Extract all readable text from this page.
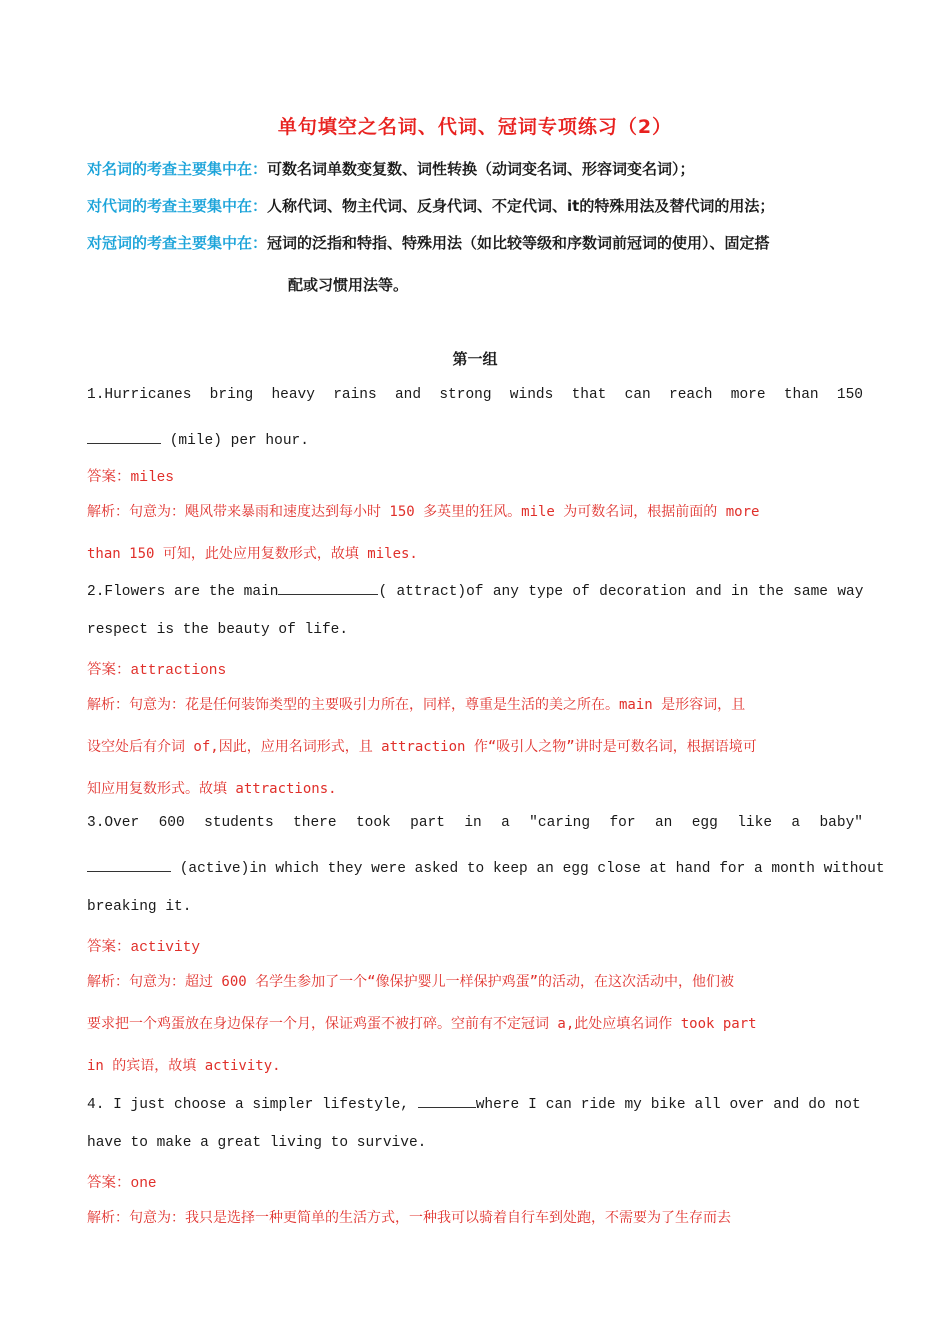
单句填空之名词、代词、冠词专项练习（2）
对名词的考查主要集中在：可数名词单数变复数、词性转换（动词变名词、形容词变名词）；
对代词的考查主要集中在：人称代词、物主代词、反身代词、不定代词、it的特殊用法及替代词的用法；
对冠词的考查主要集中在：冠词的泛指和特指、特殊用法（如比较等级和序数词前冠词的使用）、固定搭
配或习惯用法等。
第一组
1.Hurricanes bring heavy rains and strong winds that can reach more than 150
(mile) per hour.
答案：miles
解析：句意为：飓风带来暴雨和速度达到每小时 150 多英里的狂风。mile 为可数名词，根据前面的 more
than 150 可知，此处应用复数形式，故填 miles.
2.Flowers are the main	( attract)of any type of decoration and in the same way
respect is the beauty of life.
答案：attractions
解析：句意为：花是任何装饰类型的主要吸引力所在，同样，尊重是生活的美之所在。main 是形容词，且
设空处后有介词 of,因此，应用名词形式，且 attraction 作“吸引人之物”讲时是可数名词，根据语境可
知应用复数形式。故填 attractions.
3.Over 600 students there took part in a "caring for an egg like a baby"
(active)in which they were asked to keep an egg close at hand for a month without
breaking it.
答案：activity
解析：句意为：超过 600 名学生参加了一个“像保护婴儿一样保护鸡蛋”的活动，在这次活动中，他们被
要求把一个鸡蛋放在身边保存一个月，保证鸡蛋不被打碎。空前有不定冠词 a,此处应填名词作 took part
in 的宾语，故填 activity.
4. I just choose a simpler lifestyle,	where I can ride my bike all over and do not
have to make a great living to survive.
答案：one
解析：句意为：我只是选择一种更简单的生活方式，一种我可以骑着自行车到处跑，不需要为了生存而去
